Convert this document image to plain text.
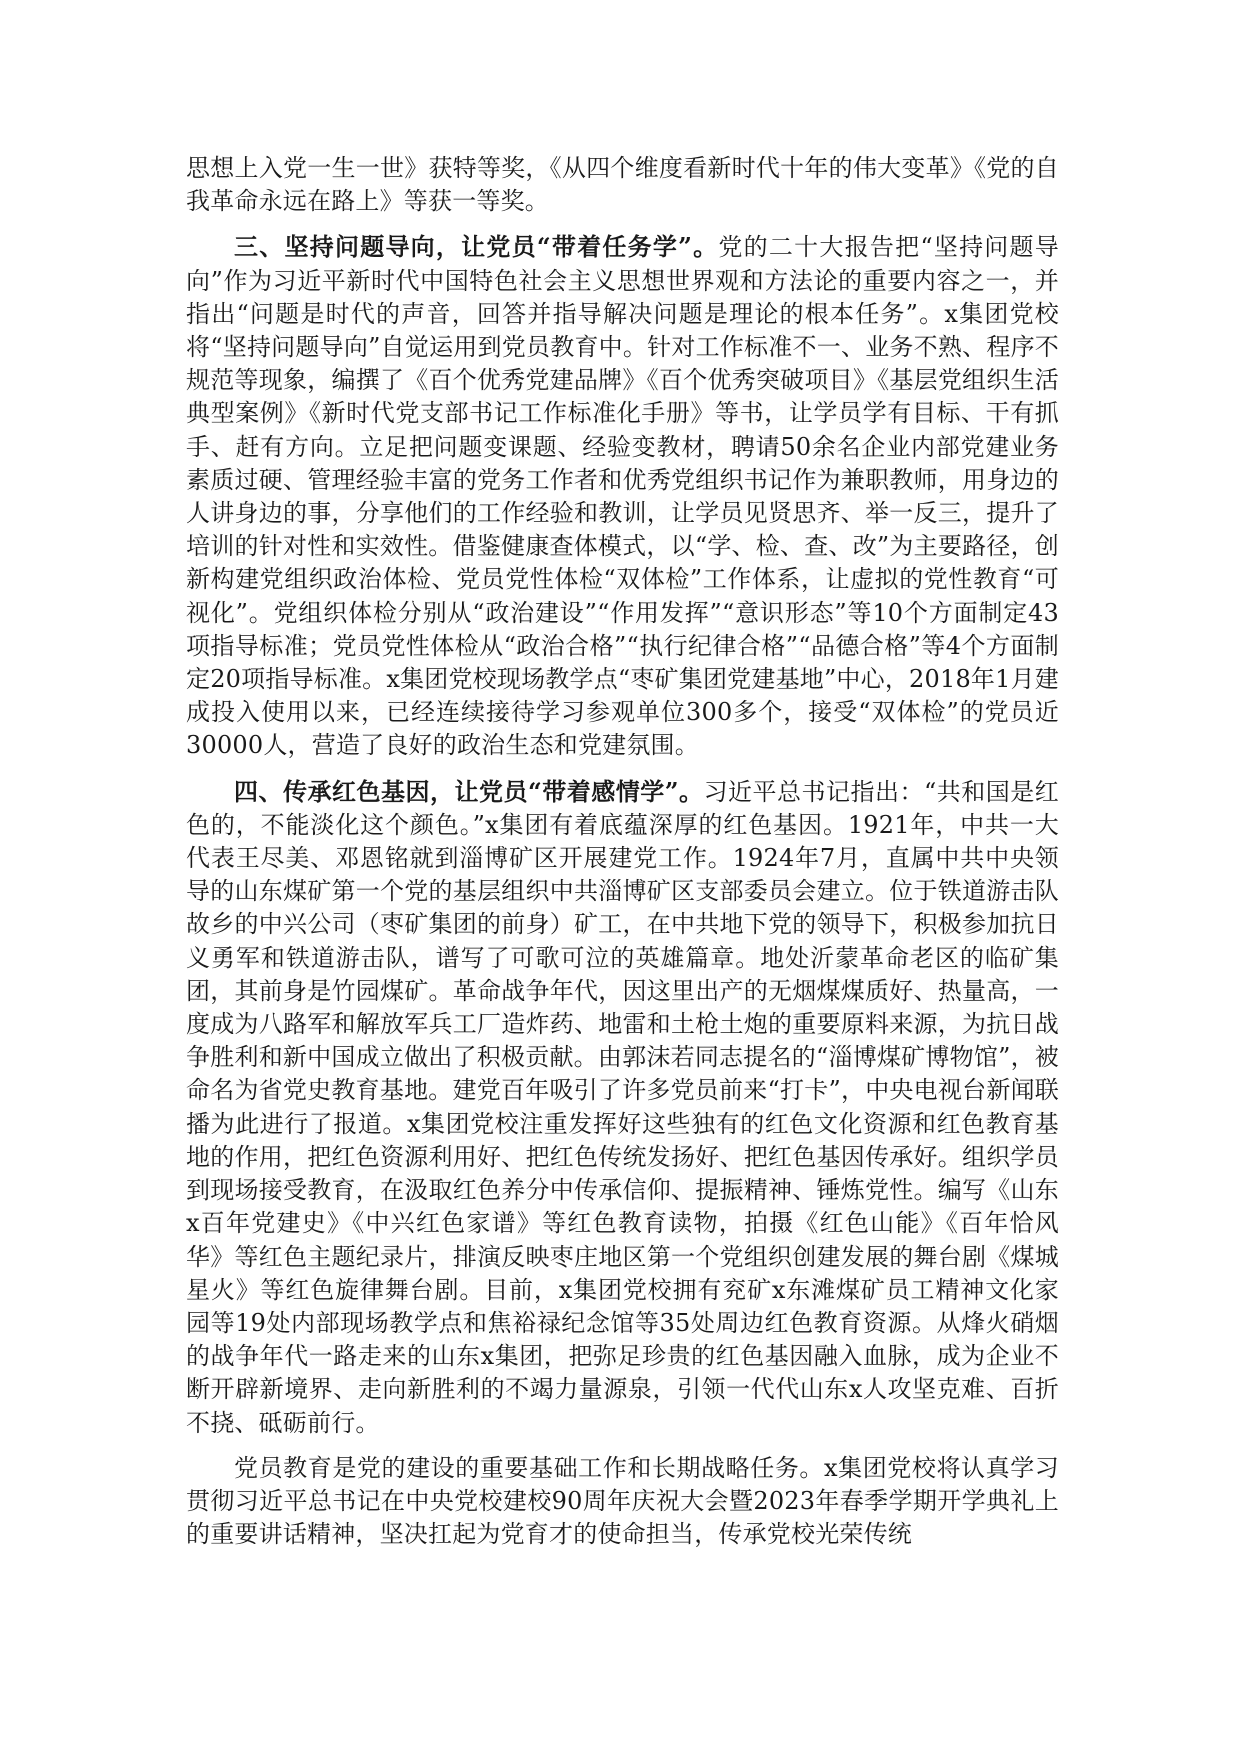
思想上入党一生一世》获特等奖，《从四个维度看新时代十年的伟大变革》《党的自我革命永远在路上》等获一等奖。

三、坚持问题导向，让党员“带着任务学”。党的二十大报告把“坚持问题导向”作为习近平新时代中国特色社会主义思想世界观和方法论的重要内容之一，并指出“问题是时代的声音，回答并指导解决问题是理论的根本任务”。x集团党校将“坚持问题导向”自觉运用到党员教育中。针对工作标准不一、业务不熟、程序不规范等现象，编撰了《百个优秀党建品牌》《百个优秀突破项目》《基层党组织生活典型案例》《新时代党支部书记工作标准化手册》等书，让学员学有目标、干有抓手、赶有方向。立足把问题变课题、经验变教材，聘请50余名企业内部党建业务素质过硬、管理经验丰富的党务工作者和优秀党组织书记作为兼职教师，用身边的人讲身边的事，分享他们的工作经验和教训，让学员见贤思齐、举一反三，提升了培训的针对性和实效性。借鉴健康查体模式，以“学、检、查、改”为主要路径，创新构建党组织政治体检、党员党性体检“双体检”工作体系，让虚拟的党性教育“可视化”。党组织体检分别从“政治建设”“作用发挥”“意识形态”等10个方面制定43项指导标准；党员党性体检从“政治合格”“执行纪律合格”“品德合格”等4个方面制定20项指导标准。x集团党校现场教学点“枣矿集团党建基地”中心，2018年1月建成投入使用以来，已经连续接待学习参观单位300多个，接受“双体检”的党员近30000人，营造了良好的政治生态和党建氛围。

四、传承红色基因，让党员“带着感情学”。习近平总书记指出：“共和国是红色的，不能淡化这个颜色。”x集团有着底蕴深厚的红色基因。1921年，中共一大代表王尽美、邓恩铭就到淄博矿区开展建党工作。1924年7月，直属中共中央领导的山东煤矿第一个党的基层组织中共淄博矿区支部委员会建立。位于铁道游击队故乡的中兴公司（枣矿集团的前身）矿工，在中共地下党的领导下，积极参加抗日义勇军和铁道游击队，谱写了可歌可泣的英雄篇章。地处沂蒙革命老区的临矿集团，其前身是竹园煤矿。革命战争年代，因这里出产的无烟煤煤质好、热量高，一度成为八路军和解放军兵工厂造炸药、地雷和土枪土炮的重要原料来源，为抗日战争胜利和新中国成立做出了积极贡献。由郭沫若同志提名的“淄博煤矿博物馆”，被命名为省党史教育基地。建党百年吸引了许多党员前来“打卡”，中央电视台新闻联播为此进行了报道。x集团党校注重发挥好这些独有的红色文化资源和红色教育基地的作用，把红色资源利用好、把红色传统发扬好、把红色基因传承好。组织学员到现场接受教育，在汲取红色养分中传承信仰、提振精神、锤炼党性。编写《山东x百年党建史》《中兴红色家谱》等红色教育读物，拍摄《红色山能》《百年恰风华》等红色主题纪录片，排演反映枣庄地区第一个党组织创建发展的舞台剧《煤城星火》等红色旋律舞台剧。目前，x集团党校拥有兖矿x东滩煤矿员工精神文化家园等19处内部现场教学点和焦裕禄纪念馆等35处周边红色教育资源。从烽火硝烟的战争年代一路走来的山东x集团，把弥足珍贵的红色基因融入血脉，成为企业不断开辟新境界、走向新胜利的不竭力量源泉，引领一代代山东x人攻坚克难、百折不挠、砥砺前行。

党员教育是党的建设的重要基础工作和长期战略任务。x集团党校将认真学习贯彻习近平总书记在中央党校建校90周年庆祝大会暨2023年春季学期开学典礼上的重要讲话精神，坚决扛起为党育才的使命担当，传承党校光荣传统
